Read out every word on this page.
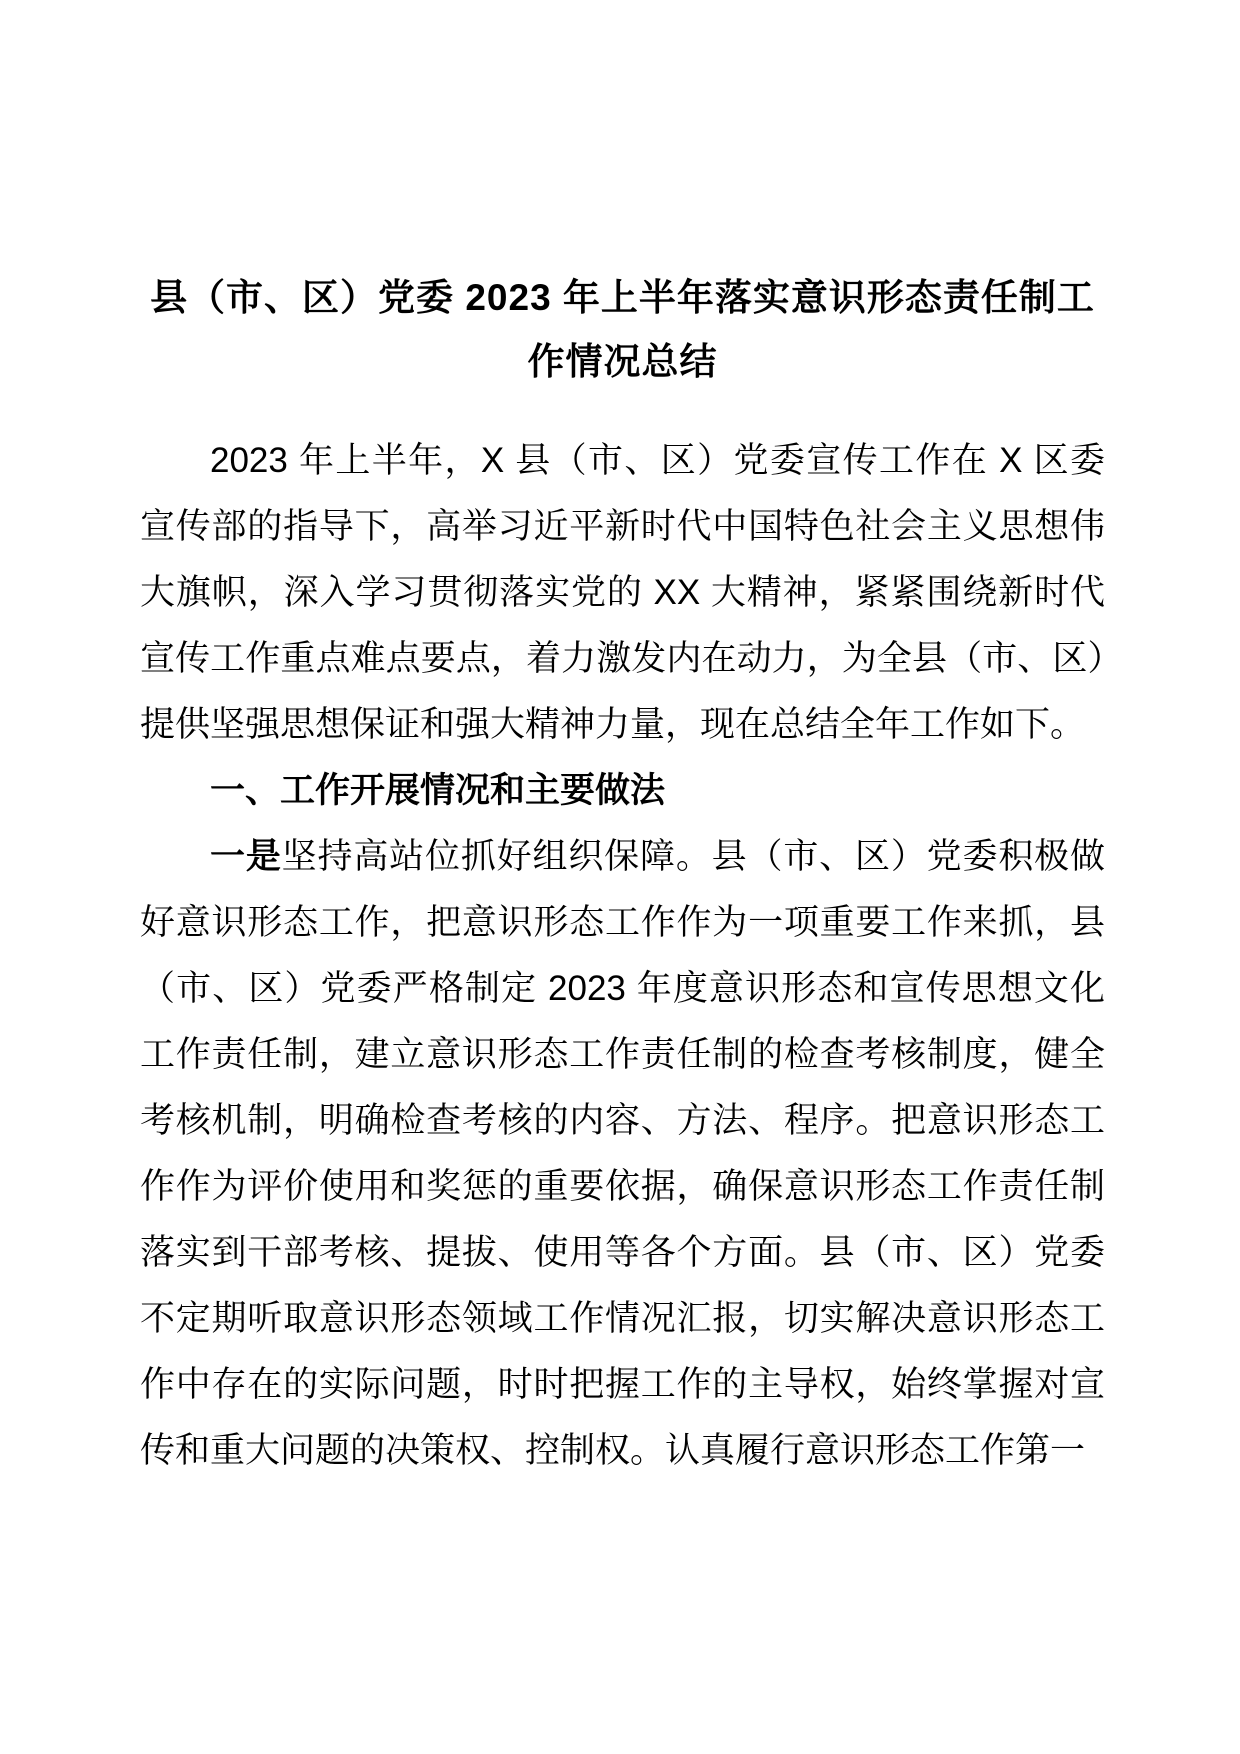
县（市、区）党委 2023 年上半年落实意识形态责任制工作情况总结

2023 年上半年，X 县（市、区）党委宣传工作在 X 区委宣传部的指导下，高举习近平新时代中国特色社会主义思想伟大旗帜，深入学习贯彻落实党的 XX 大精神，紧紧围绕新时代宣传工作重点难点要点，着力激发内在动力，为全县（市、区）提供坚强思想保证和强大精神力量，现在总结全年工作如下。

一、工作开展情况和主要做法

一是坚持高站位抓好组织保障。县（市、区）党委积极做好意识形态工作，把意识形态工作作为一项重要工作来抓，县（市、区）党委严格制定 2023 年度意识形态和宣传思想文化工作责任制，建立意识形态工作责任制的检查考核制度，健全考核机制，明确检查考核的内容、方法、程序。把意识形态工作作为评价使用和奖惩的重要依据，确保意识形态工作责任制落实到干部考核、提拔、使用等各个方面。县（市、区）党委不定期听取意识形态领域工作情况汇报，切实解决意识形态工作中存在的实际问题，时时把握工作的主导权，始终掌握对宣传和重大问题的决策权、控制权。认真履行意识形态工作第一
